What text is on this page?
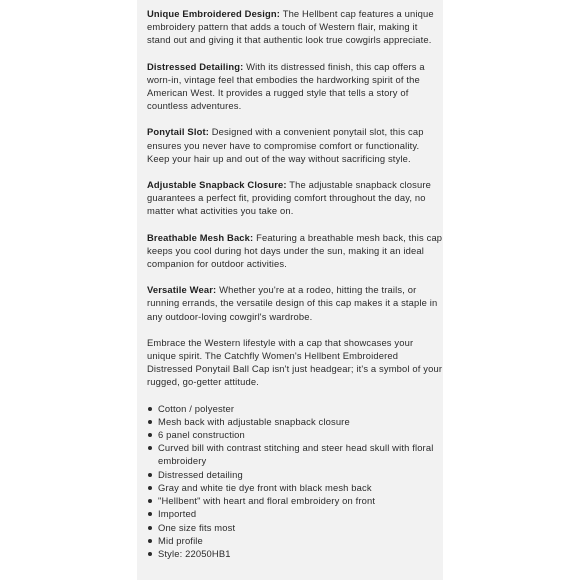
Unique Embroidered Design: The Hellbent cap features a unique embroidery pattern that adds a touch of Western flair, making it stand out and giving it that authentic look true cowgirls appreciate.
Distressed Detailing: With its distressed finish, this cap offers a worn-in, vintage feel that embodies the hardworking spirit of the American West. It provides a rugged style that tells a story of countless adventures.
Ponytail Slot: Designed with a convenient ponytail slot, this cap ensures you never have to compromise comfort or functionality. Keep your hair up and out of the way without sacrificing style.
Adjustable Snapback Closure: The adjustable snapback closure guarantees a perfect fit, providing comfort throughout the day, no matter what activities you take on.
Breathable Mesh Back: Featuring a breathable mesh back, this cap keeps you cool during hot days under the sun, making it an ideal companion for outdoor activities.
Versatile Wear: Whether you're at a rodeo, hitting the trails, or running errands, the versatile design of this cap makes it a staple in any outdoor-loving cowgirl's wardrobe.
Embrace the Western lifestyle with a cap that showcases your unique spirit. The Catchfly Women's Hellbent Embroidered Distressed Ponytail Ball Cap isn't just headgear; it's a symbol of your rugged, go-getter attitude.
Cotton / polyester
Mesh back with adjustable snapback closure
6 panel construction
Curved bill with contrast stitching and steer head skull with floral embroidery
Distressed detailing
Gray and white tie dye front with black mesh back
"Hellbent" with heart and floral embroidery on front
Imported
One size fits most
Mid profile
Style: 22050HB1
